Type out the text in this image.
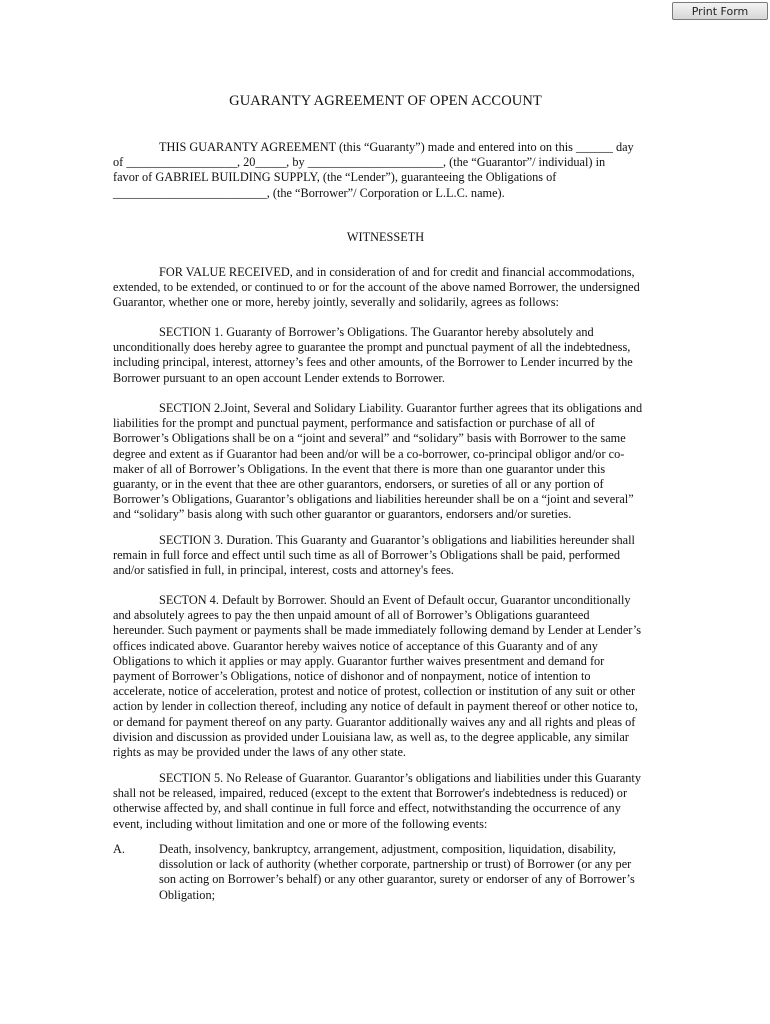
Print Form
GUARANTY AGREEMENT OF OPEN ACCOUNT
THIS GUARANTY AGREEMENT (this “Guaranty”) made and entered into on this ______ day
of __________________, 20_____, by ______________________, (the “Guarantor”/ individual) in
favor of GABRIEL BUILDING SUPPLY, (the “Lender”), guaranteeing the Obligations of
_________________________, (the “Borrower”/ Corporation or L.L.C. name).
WITNESSETH
FOR VALUE RECEIVED, and in consideration of and for credit and financial accommodations,
extended, to be extended, or continued to or for the account of the above named Borrower, the undersigned
Guarantor, whether one or more, hereby jointly, severally and solidarily, agrees as follows:
SECTION 1. Guaranty of Borrower’s Obligations. The Guarantor hereby absolutely and
unconditionally does hereby agree to guarantee the prompt and punctual payment of all the indebtedness,
including principal, interest, attorney’s fees and other amounts, of the Borrower to Lender incurred by the
Borrower pursuant to an open account Lender extends to Borrower.
SECTION 2.Joint, Several and Solidary Liability. Guarantor further agrees that its obligations and
liabilities for the prompt and punctual payment, performance and satisfaction or purchase of all of
Borrower’s Obligations shall be on a “joint and several” and “solidary” basis with Borrower to the same
degree and extent as if Guarantor had been and/or will be a co-borrower, co-principal obligor and/or co-
maker of all of Borrower’s Obligations. In the event that there is more than one guarantor under this
guaranty, or in the event that thee are other guarantors, endorsers, or sureties of all or any portion of
Borrower’s Obligations, Guarantor’s obligations and liabilities hereunder shall be on a “joint and several”
and “solidary” basis along with such other guarantor or guarantors, endorsers and/or sureties.
SECTION 3. Duration. This Guaranty and Guarantor’s obligations and liabilities hereunder shall
remain in full force and effect until such time as all of Borrower’s Obligations shall be paid, performed
and/or satisfied in full, in principal, interest, costs and attorney's fees.
SECTON 4. Default by Borrower. Should an Event of Default occur, Guarantor unconditionally
and absolutely agrees to pay the then unpaid amount of all of Borrower’s Obligations guaranteed
hereunder. Such payment or payments shall be made immediately following demand by Lender at Lender’s
offices indicated above. Guarantor hereby waives notice of acceptance of this Guaranty and of any
Obligations to which it applies or may apply. Guarantor further waives presentment and demand for
payment of Borrower’s Obligations, notice of dishonor and of nonpayment, notice of intention to
accelerate, notice of acceleration, protest and notice of protest, collection or institution of any suit or other
action by lender in collection thereof, including any notice of default in payment thereof or other notice to,
or demand for payment thereof on any party. Guarantor additionally waives any and all rights and pleas of
division and discussion as provided under Louisiana law, as well as, to the degree applicable, any similar
rights as may be provided under the laws of any other state.
SECTION 5. No Release of Guarantor. Guarantor’s obligations and liabilities under this Guaranty
shall not be released, impaired, reduced (except to the extent that Borrower's indebtedness is reduced) or
otherwise affected by, and shall continue in full force and effect, notwithstanding the occurrence of any
event, including without limitation and one or more of the following events:
A.	Death, insolvency, bankruptcy, arrangement, adjustment, composition, liquidation, disability,
dissolution or lack of authority (whether corporate, partnership or trust) of Borrower (or any per
son acting on Borrower’s behalf) or any other guarantor, surety or endorser of any of Borrower’s
Obligation;
